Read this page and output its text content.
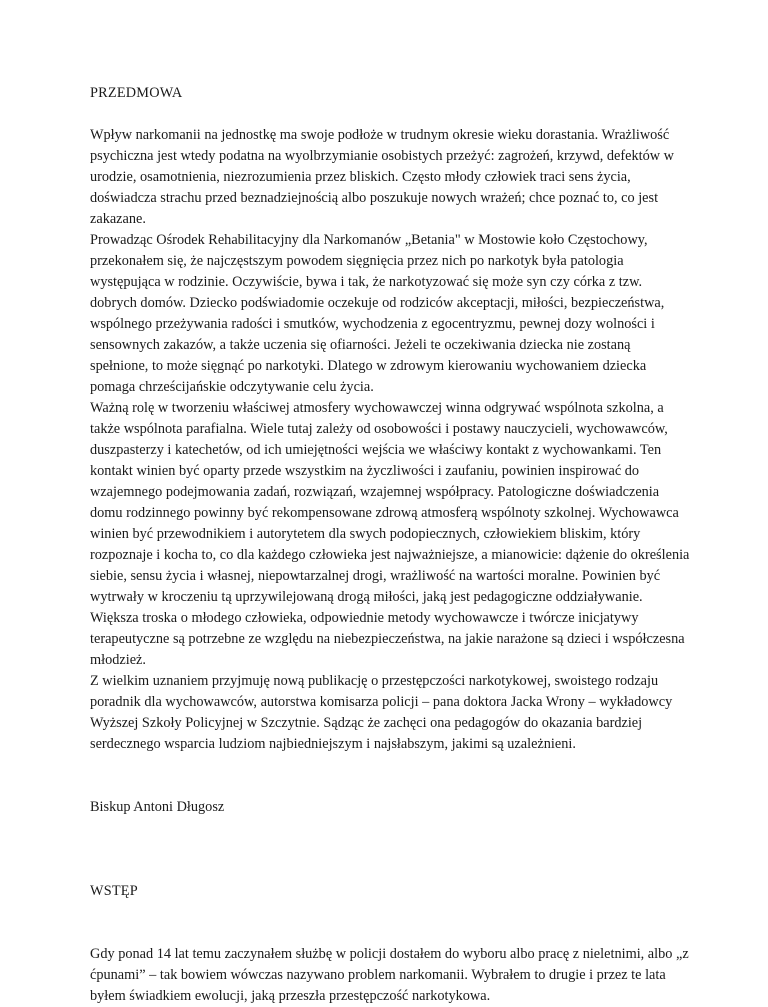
PRZEDMOWA

Wpływ narkomanii na jednostkę ma swoje podłoże w trudnym okresie wieku dorastania. Wrażliwość psychiczna jest wtedy podatna na wyolbrzymianie osobistych przeżyć: zagrożeń, krzywd, defektów w urodzie, osamotnienia, niezrozumienia przez bliskich. Często młody człowiek traci sens życia, doświadcza strachu przed beznadziejnością albo poszukuje nowych wrażeń; chce poznać to, co jest zakazane.

Prowadząc Ośrodek Rehabilitacyjny dla Narkomanów „Betania" w Mostowie koło Częstochowy, przekonałem się, że najczęstszym powodem sięgnięcia przez nich po narkotyk była patologia występująca w rodzinie. Oczywiście, bywa i tak, że narkotyzować się może syn czy córka z tzw. dobrych domów. Dziecko podświadomie oczekuje od rodziców akceptacji, miłości, bezpieczeństwa, wspólnego przeżywania radości i smutków, wychodzenia z egocentryzmu, pewnej dozy wolności i sensownych zakazów, a także uczenia się ofiarności. Jeżeli te oczekiwania dziecka nie zostaną spełnione, to może sięgnąć po narkotyki. Dlatego w zdrowym kierowaniu wychowaniem dziecka pomaga chrześcijańskie odczytywanie celu życia.

Ważną rolę w tworzeniu właściwej atmosfery wychowawczej winna odgrywać wspólnota szkolna, a także wspólnota parafialna. Wiele tutaj zależy od osobowości i postawy nauczycieli, wychowawców, duszpasterzy i katechetów, od ich umiejętności wejścia we właściwy kontakt z wychowankami. Ten kontakt winien być oparty przede wszystkim na życzliwości i zaufaniu, powinien inspirować do wzajemnego podejmowania zadań, rozwiązań, wzajemnej współpracy. Patologiczne doświadczenia domu rodzinnego powinny być rekompensowane zdrową atmosferą wspólnoty szkolnej. Wychowawca winien być przewodnikiem i autorytetem dla swych podopiecznych, człowiekiem bliskim, który rozpoznaje i kocha to, co dla każdego człowieka jest najważniejsze, a mianowicie: dążenie do określenia siebie, sensu życia i własnej, niepowtarzalnej drogi, wrażliwość na wartości moralne. Powinien być wytrwały w kroczeniu tą uprzywilejowaną drogą miłości, jaką jest pedagogiczne oddziaływanie. Większa troska o młodego człowieka, odpowiednie metody wychowawcze i twórcze inicjatywy terapeutyczne są potrzebne ze względu na niebezpieczeństwa, na jakie narażone są dzieci i współczesna młodzież.

Z wielkim uznaniem przyjmuję nową publikację o przestępczości narkotykowej, swoistego rodzaju poradnik dla wychowawców, autorstwa komisarza policji – pana doktora Jacka Wrony – wykładowcy Wyższej Szkoły Policyjnej w Szczytnie. Sądząc że zachęci ona pedagogów do okazania bardziej serdecznego wsparcia ludziom najbiedniejszym i najsłabszym, jakimi są uzależnieni.

Biskup Antoni Długosz

WSTĘP

Gdy ponad 14 lat temu zaczynałem służbę w policji dostałem do wyboru albo pracę z nieletnimi, albo „z ćpunami” – tak bowiem wówczas nazywano problem narkomanii. Wybrałem to drugie i przez te lata byłem świadkiem ewolucji, jaką przeszła przestępczość narkotykowa.
